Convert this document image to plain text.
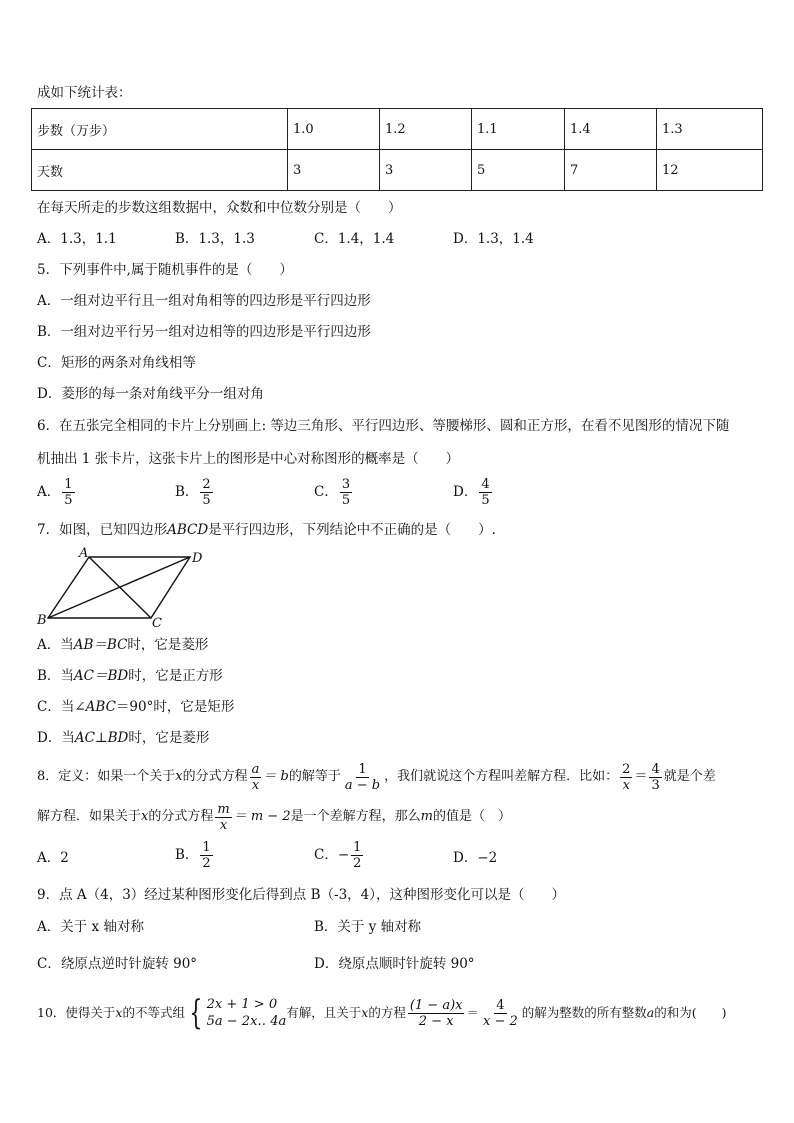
成如下统计表：
步数（万步）	1.0	1.2	1.1	1.4	1.3
天数	3	3	5	7	12
在每天所走的步数这组数据中，众数和中位数分别是（　　）
A．1.3，1.1	B．1.3，1.3	C．1.4，1.4	D．1.3，1.4
5．下列事件中,属于随机事件的是（　　）
A．一组对边平行且一组对角相等的四边形是平行四边形
B．一组对边平行另一组对边相等的四边形是平行四边形
C．矩形的两条对角线相等
D．菱形的每一条对角线平分一组对角
6．在五张完全相同的卡片上分别画上: 等边三角形、平行四边形、等腰梯形、圆和正方形，在看不见图形的情况下随
机抽出 1 张卡片，这张卡片上的图形是中心对称图形的概率是（　　）
A． $\frac{1}{5}$	B． $\frac{2}{5}$	C． $\frac{3}{5}$	D． $\frac{4}{5}$
7．如图，已知四边形ABCD是平行四边形，下列结论中不正确的是（　　）.
A	D
B	C
A．当AB＝BC时，它是菱形
B．当AC＝BD时，它是正方形
C．当∠ABC＝90°时，它是矩形
D．当AC⊥BD时，它是菱形
8．定义：如果一个关于 x 的分式方程 $\frac{a}{x} = b$ 的解等于 $\frac{1}{a - b}$ ，我们就说这个方程叫差解方程．比如： $\frac{2}{x} = \frac{4}{3}$ 就是个差
解方程．如果关于 x 的分式方程 $\frac{m}{x} = m - 2$ 是一个差解方程，那么 m 的值是（　）
A．2	B． $\frac{1}{2}$	C．− $\frac{1}{2}$	D．−2
9．点 A（4，3）经过某种图形变化后得到点 B（-3，4），这种图形变化可以是（　　）
A．关于 x 轴对称	B．关于 y 轴对称
C．绕原点逆时针旋转 90°	D．绕原点顺时针旋转 90°
10．使得关于 x 的不等式组 { 2x + 1 > 0
5a − 2x‥ 4a
有解，且关于 x 的方程 $\frac{(1 - a)x}{2 - x} = \frac{4}{x - 2}$ 的解为整数的所有整数 a 的和为(　　)
